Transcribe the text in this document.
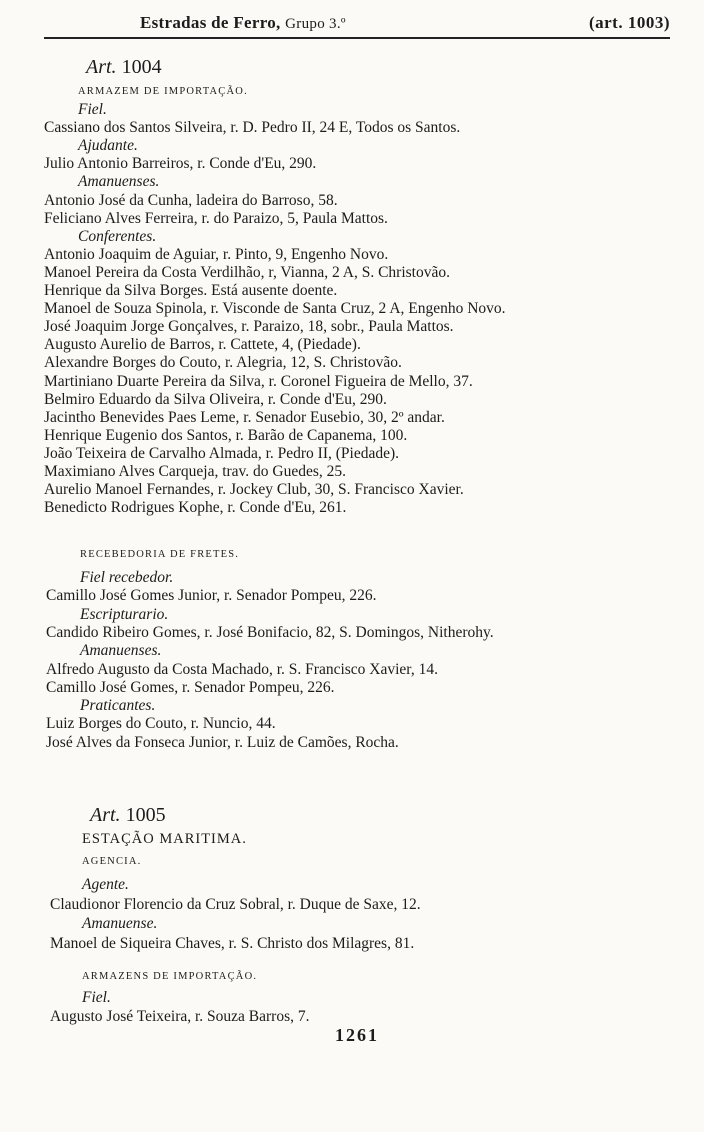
Estradas de Ferro, Grupo 3.º	(art. 1003)
Art. 1004
ARMAZEM DE IMPORTAÇÃO.
Fiel.
Cassiano dos Santos Silveira, r. D. Pedro II, 24 E, Todos os Santos.
Ajudante.
Julio Antonio Barreiros, r. Conde d'Eu, 290.
Amanuenses.
Antonio José da Cunha, ladeira do Barroso, 58.
Feliciano Alves Ferreira, r. do Paraizo, 5, Paula Mattos.
Conferentes.
Antonio Joaquim de Aguiar, r. Pinto, 9, Engenho Novo.
Manoel Pereira da Costa Verdilhão, r, Vianna, 2 A, S. Christovão.
Henrique da Silva Borges. Está ausente doente.
Manoel de Souza Spinola, r. Visconde de Santa Cruz, 2 A, Engenho Novo.
José Joaquim Jorge Gonçalves, r. Paraizo, 18, sobr., Paula Mattos.
Augusto Aurelio de Barros, r. Cattete, 4, (Piedade).
Alexandre Borges do Couto, r. Alegria, 12, S. Christovão.
Martiniano Duarte Pereira da Silva, r. Coronel Figueira de Mello, 37.
Belmiro Eduardo da Silva Oliveira, r. Conde d'Eu, 290.
Jacintho Benevides Paes Leme, r. Senador Eusebio, 30, 2º andar.
Henrique Eugenio dos Santos, r. Barão de Capanema, 100.
João Teixeira de Carvalho Almada, r. Pedro II, (Piedade).
Maximiano Alves Carqueja, trav. do Guedes, 25.
Aurelio Manoel Fernandes, r. Jockey Club, 30, S. Francisco Xavier.
Benedicto Rodrigues Kophe, r. Conde d'Eu, 261.
RECEBEDORIA DE FRETES.
Fiel recebedor.
Camillo José Gomes Junior, r. Senador Pompeu, 226.
Escripturario.
Candido Ribeiro Gomes, r. José Bonifacio, 82, S. Domingos, Nitherohy.
Amanuenses.
Alfredo Augusto da Costa Machado, r. S. Francisco Xavier, 14.
Camillo José Gomes, r. Senador Pompeu, 226.
Praticantes.
Luiz Borges do Couto, r. Nuncio, 44.
José Alves da Fonseca Junior, r. Luiz de Camões, Rocha.
Art. 1005
ESTAÇÃO MARITIMA.
AGENCIA.
Agente.
Claudionor Florencio da Cruz Sobral, r. Duque de Saxe, 12.
Amanuense.
Manoel de Siqueira Chaves, r. S. Christo dos Milagres, 81.
ARMAZENS DE IMPORTAÇÃO.
Fiel.
Augusto José Teixeira, r. Souza Barros, 7.
1261
